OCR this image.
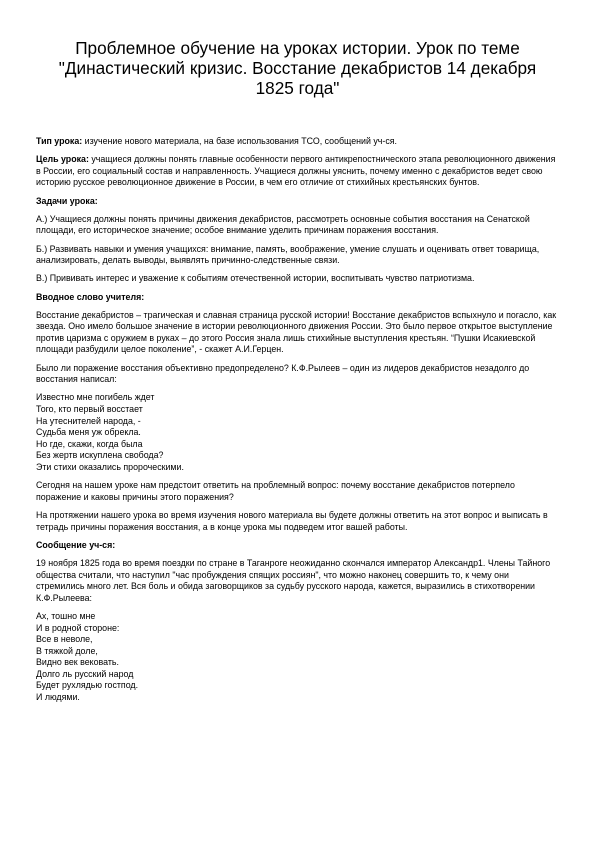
Проблемное обучение на уроках истории. Урок по теме "Династический кризис. Восстание декабристов 14 декабря 1825 года"

Тип урока: изучение нового материала, на базе использования ТСО, сообщений уч-ся.

Цель урока: учащиеся должны понять главные особенности первого антикрепостнического этапа революционного движения в России, его социальный состав и направленность. Учащиеся должны уяснить, почему именно с декабристов ведет свою историю русское революционное движение в России, в чем его отличие от стихийных крестьянских бунтов.

Задачи урока:

А.) Учащиеся должны понять причины движения декабристов, рассмотреть основные события восстания на Сенатской площади, его историческое значение; особое внимание уделить причинам поражения восстания.

Б.) Развивать навыки и умения учащихся: внимание, память, воображение, умение слушать и оценивать ответ товарища, анализировать, делать выводы, выявлять причинно-следственные связи.

В.) Прививать интерес и уважение к событиям отечественной истории, воспитывать чувство патриотизма.

Вводное слово учителя:

Восстание декабристов – трагическая и славная страница русской истории! Восстание декабристов вспыхнуло и погасло, как звезда. Оно имело большое значение в истории революционного движения России. Это было первое открытое выступление против царизма с оружием в руках – до этого Россия знала лишь стихийные выступления крестьян. “Пушки Исакиевской площади разбудили целое поколение”, - скажет А.И.Герцен.

Было ли поражение восстания объективно предопределено? К.Ф.Рылеев – один из лидеров декабристов незадолго до восстания написал:

Известно мне погибель ждет
Того, кто первый восстает
На утеснителей народа, -
Судьба меня уж обрекла.
Но где, скажи, когда была
Без жертв искуплена свобода?
Эти стихи оказались пророческими.

Сегодня на нашем уроке нам предстоит ответить на проблемный вопрос: почему восстание декабристов потерпело поражение и каковы причины этого поражения?

На протяжении нашего урока во время изучения нового материала вы будете должны ответить на этот вопрос и выписать в тетрадь причины поражения восстания, а в конце урока мы подведем итог вашей работы.

Сообщение уч-ся:

19 ноября 1825 года во время поездки по стране в Таганроге неожиданно скончался император Александр1. Члены Тайного общества считали, что наступил "час пробуждения спящих россиян", что можно наконец совершить то, к чему они стремились много лет. Вся боль и обида заговорщиков за судьбу русского народа, кажется, выразились в стихотворении К.Ф.Рылеева:

Ах, тошно мне
И в родной стороне:
Все в неволе,
В тяжкой доле,
Видно век вековать.
Долго ль русский народ
Будет рухлядью гостпод.
И людями.
